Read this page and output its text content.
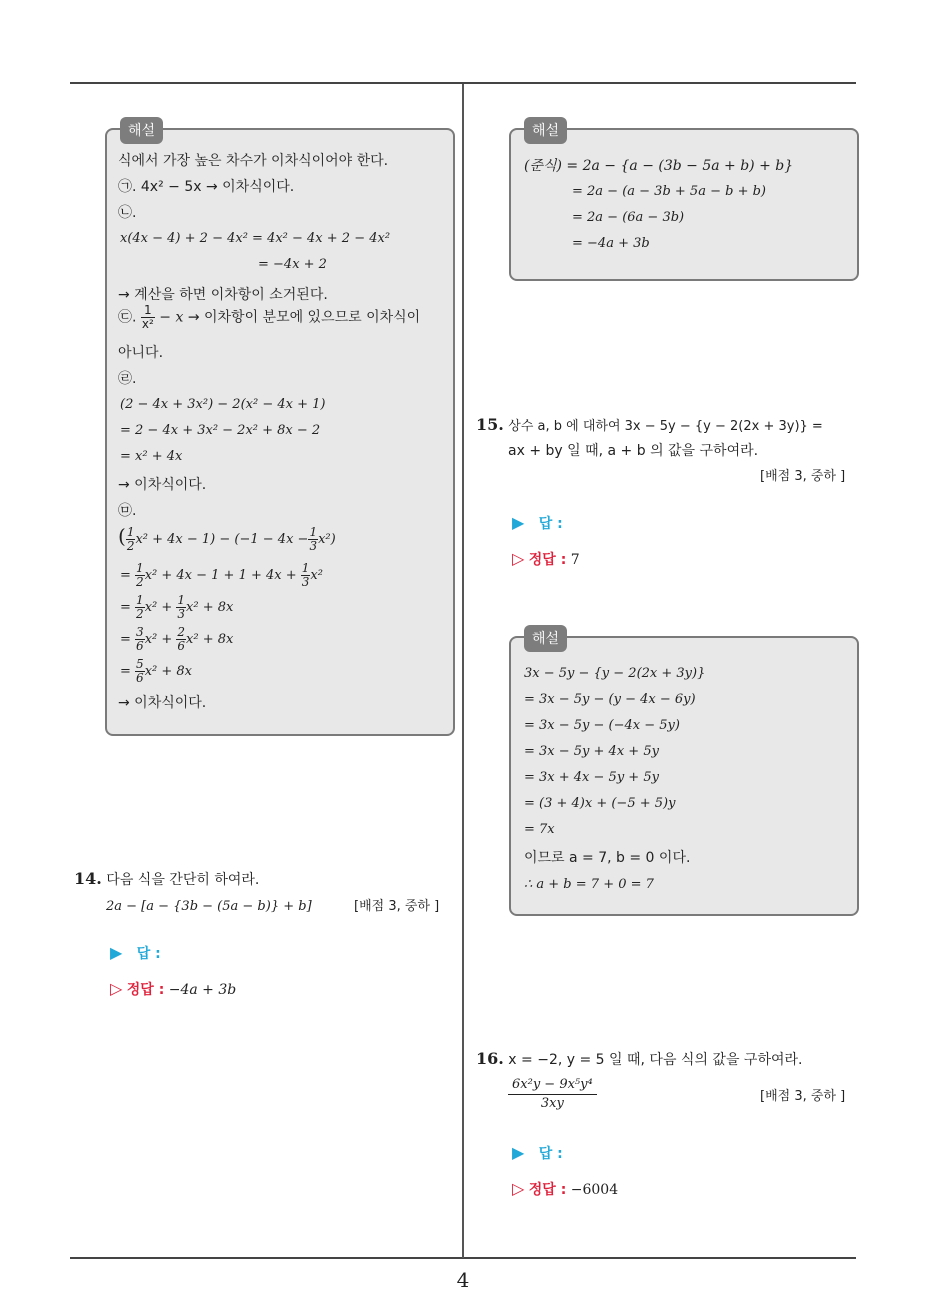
해설
식에서 가장 높은 차수가 이차식이어야 한다.
㉠. 4x² − 5x → 이차식이다.
㉡.
x(4x − 4) + 2 − 4x² = 4x² − 4x + 2 − 4x²
= −4x + 2
→ 계산을 하면 이차항이 소거된다.
㉢. $\frac{1}{\text{x²}} - x$ → 이차항이 분모에 있으므로 이차식이
아니다.
㉣.
(2 − 4x + 3x²) − 2(x² − 4x + 1)
= 2 − 4x + 3x² − 2x² + 8x − 2
= x² + 4x
→ 이차식이다.
㉤.
( $\frac{1}{2} x^2 + 4x - 1) - (-1 - 4x - \frac{1}{3} x^2)$
= $\frac{1}{2} x^2 + 4x - 1 + 1 + 4x + \frac{1}{3} x^2$
= $\frac{1}{2} x^2 + \frac{1}{3} x^2 + 8x$
= $\frac{3}{6} x^2 + \frac{2}{6} x^2 + 8x$
= $\frac{5}{6} x^2 + 8x$
→ 이차식이다.
14. 다음 식을 간단히 하여라.
2a − [a − {3b − (5a − b)} + b]	[배점 3, 중하 ]
▶ 답 :
▷ 정답 : −4a + 3b
해설
(준식) = 2a − {a − (3b − 5a + b) + b}
= 2a − (a − 3b + 5a − b + b)
= 2a − (6a − 3b)
= −4a + 3b
15. 상수 a, b 에 대하여 3x − 5y − {y − 2(2x + 3y)} =
ax + by 일 때, a + b 의 값을 구하여라.
[배점 3, 중하 ]
▶ 답 :
▷ 정답 : 7
해설
3x − 5y − {y − 2(2x + 3y)}
= 3x − 5y − (y − 4x − 6y)
= 3x − 5y − (−4x − 5y)
= 3x − 5y + 4x + 5y
= 3x + 4x − 5y + 5y
= (3 + 4)x + (−5 + 5)y
= 7x
이므로 a = 7, b = 0 이다.
∴ a + b = 7 + 0 = 7
16. x = −2, y = 5 일 때, 다음 식의 값을 구하여라.
$\frac{\text{6x²y − 9x⁵y⁴}}{3xy}$	[배점 3, 중하 ]
▶ 답 :
▷ 정답 : −6004
4
